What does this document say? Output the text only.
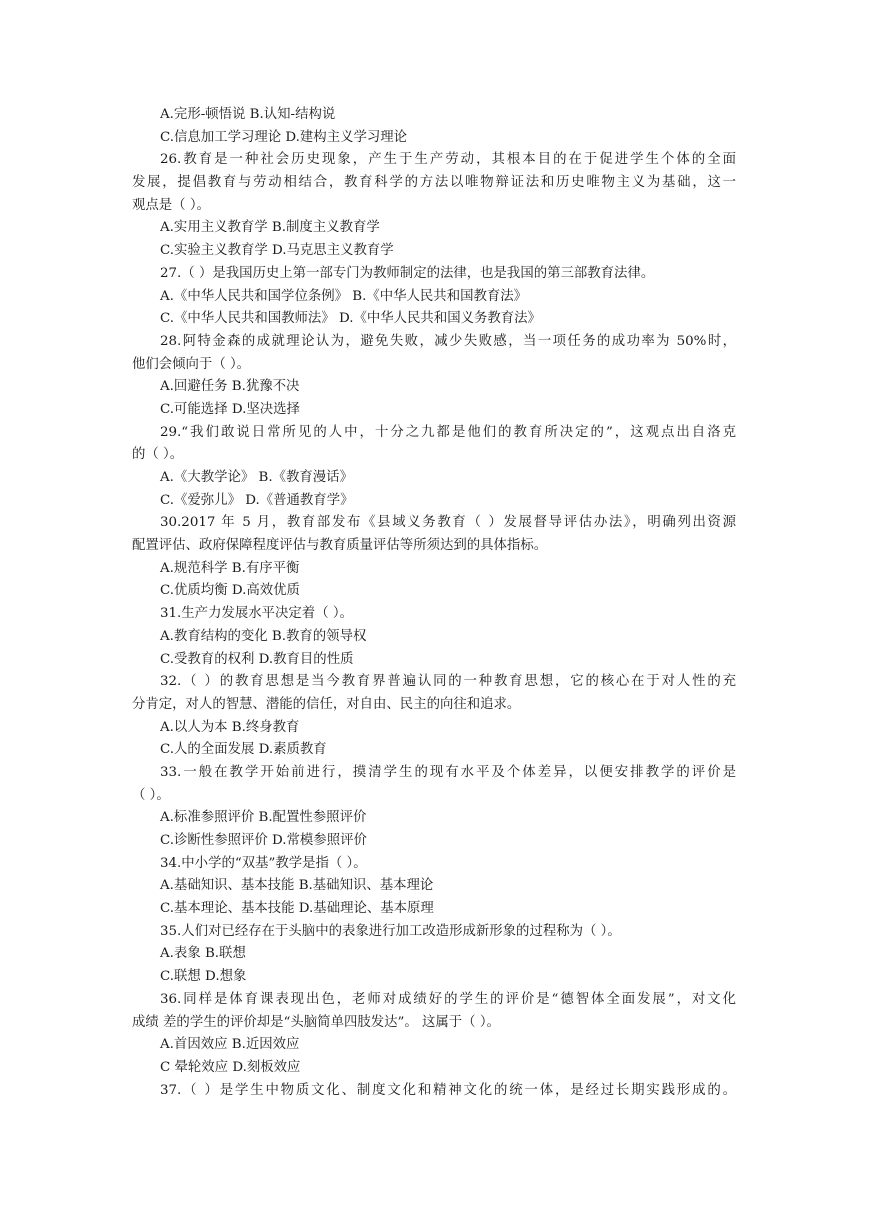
A.完形-顿悟说 B.认知-结构说
C.信息加工学习理论 D.建构主义学习理论
26.教育是一种社会历史现象，产生于生产劳动，其根本目的在于促进学生个体的全面
发展，提倡教育与劳动相结合，教育科学的方法以唯物辩证法和历史唯物主义为基础，这一
观点是（ ）。
A.实用主义教育学 B.制度主义教育学
C.实验主义教育学 D.马克思主义教育学
27.（ ）是我国历史上第一部专门为教师制定的法律，也是我国的第三部教育法律。
A.《中华人民共和国学位条例》 B.《中华人民共和国教育法》
C.《中华人民共和国教师法》 D.《中华人民共和国义务教育法》
28.阿特金森的成就理论认为，避免失败，减少失败感，当一项任务的成功率为 50%时，
他们会倾向于（ ）。
A.回避任务 B.犹豫不决
C.可能选择 D.坚决选择
29.“我们敢说日常所见的人中，十分之九都是他们的教育所决定的”，这观点出自洛克
的（ ）。
A.《大教学论》 B.《教育漫话》
C.《爱弥儿》 D.《普通教育学》
30.2017 年 5 月，教育部发布《县域义务教育（ ）发展督导评估办法》，明确列出资源
配置评估、政府保障程度评估与教育质量评估等所须达到的具体指标。
A.规范科学 B.有序平衡
C.优质均衡 D.高效优质
31.生产力发展水平决定着（ ）。
A.教育结构的变化 B.教育的领导权
C.受教育的权利 D.教育目的性质
32.（ ）的教育思想是当今教育界普遍认同的一种教育思想，它的核心在于对人性的充
分肯定，对人的智慧、潜能的信任，对自由、民主的向往和追求。
A.以人为本 B.终身教育
C.人的全面发展 D.素质教育
33.一般在教学开始前进行，摸清学生的现有水平及个体差异，以便安排教学的评价是
（ ）。
A.标准参照评价 B.配置性参照评价
C.诊断性参照评价 D.常模参照评价
34.中小学的“双基”教学是指（ ）。
A.基础知识、基本技能 B.基础知识、基本理论
C.基本理论、基本技能 D.基础理论、基本原理
35.人们对已经存在于头脑中的表象进行加工改造形成新形象的过程称为（ ）。
A.表象 B.联想
C.联想 D.想象
36.同样是体育课表现出色，老师对成绩好的学生的评价是“德智体全面发展”，对文化
成绩 差的学生的评价却是“头脑简单四肢发达”。 这属于（ ）。
A.首因效应 B.近因效应
C 晕轮效应 D.刻板效应
37.（ ）是学生中物质文化、制度文化和精神文化的统一体，是经过长期实践形成的。
